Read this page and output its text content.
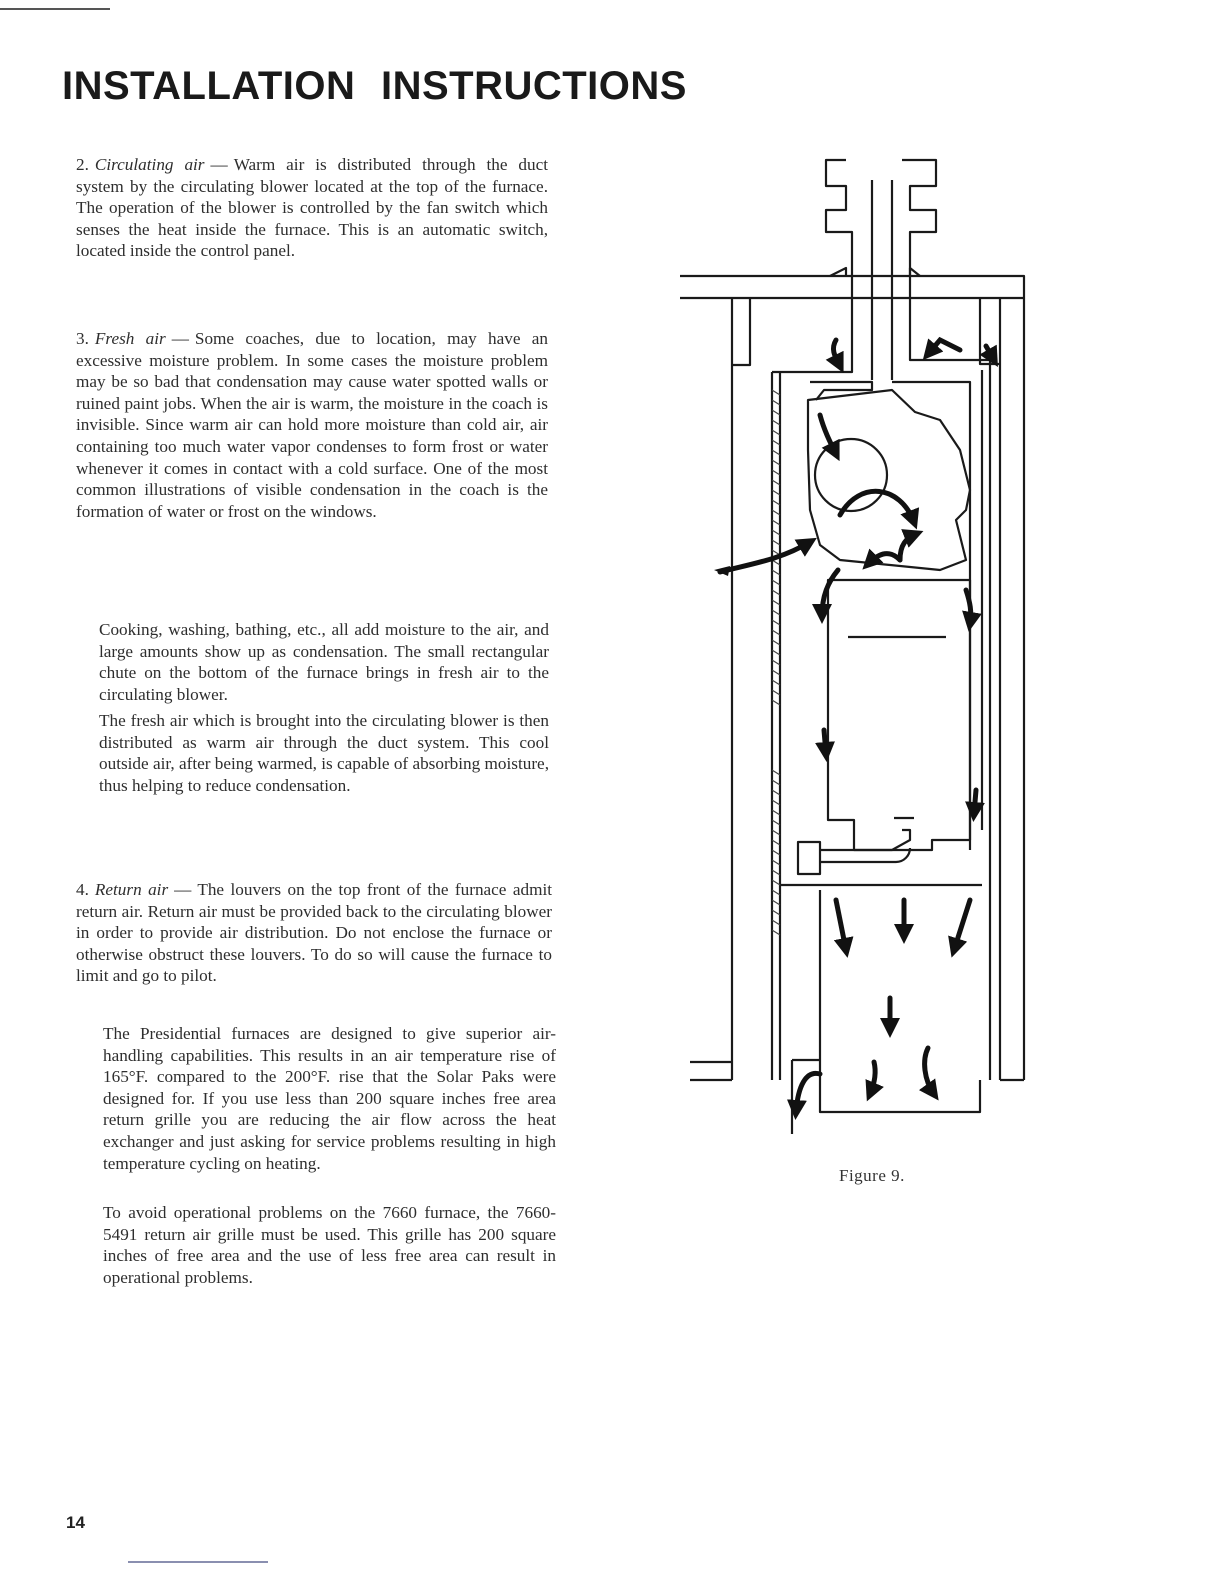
INSTALLATION INSTRUCTIONS

2. Circulating air — Warm air is distributed through the duct system by the circulating blower located at the top of the furnace. The operation of the blower is controlled by the fan switch which senses the heat inside the furnace. This is an automatic switch, located inside the control panel.

3. Fresh air — Some coaches, due to location, may have an excessive moisture problem. In some cases the moisture problem may be so bad that condensation may cause water spotted walls or ruined paint jobs. When the air is warm, the moisture in the coach is invisible. Since warm air can hold more moisture than cold air, air containing too much water vapor condenses to form frost or water whenever it comes in contact with a cold surface. One of the most common illustrations of visible condensation in the coach is the formation of water or frost on the windows.

Cooking, washing, bathing, etc., all add moisture to the air, and large amounts show up as condensation. The small rectangular chute on the bottom of the furnace brings in fresh air to the circulating blower.

The fresh air which is brought into the circulating blower is then distributed as warm air through the duct system. This cool outside air, after being warmed, is capable of absorbing moisture, thus helping to reduce condensation.

4. Return air — The louvers on the top front of the furnace admit return air. Return air must be provided back to the circulating blower in order to provide air distribution. Do not enclose the furnace or otherwise obstruct these louvers. To do so will cause the furnace to limit and go to pilot.

The Presidential furnaces are designed to give superior air-handling capabilities. This results in an air temperature rise of 165°F. compared to the 200°F. rise that the Solar Paks were designed for. If you use less than 200 square inches free area return grille you are reducing the air flow across the heat exchanger and just asking for service problems resulting in high temperature cycling on heating.

To avoid operational problems on the 7660 furnace, the 7660-5491 return air grille must be used. This grille has 200 square inches of free area and the use of less free area can result in operational problems.

Figure 9.

14
